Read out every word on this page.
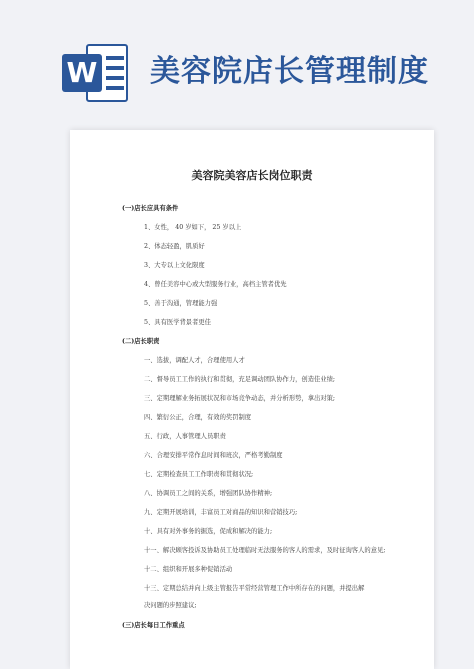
W 美容院店长管理制度
美容院美容店长岗位职责
(一)店长应具有条件
1、女性， 40 岁如下， 25 岁以上
2、体态轻盈，肌质好
3、大专以上文化限度
4、曾任美容中心或大型服务行业，高档主管者优先
5、善于沟通，管理能力强
5、具有医学背景者更佳
(二)店长职责
一、选拔，调配人才，合理使用人才
二、督导员工工作的执行和贯彻，充足调动团队协作力，创造佳业绩;
三、定期理解业务拓展状况和市场竞争动态，并分析形势，拿出对策;
四、繁衍公正，合理，有效的奖罚制度
五、行政，人事管理人员职责
六、合理安排平常作息时间和班次，严格考勤制度
七、定期检查员工工作职责和贯彻状况;
八、协调员工之间的关系，增强团队协作精神;
九、定期开展培训，丰富员工对商品的知识和营销技巧;
十、具有对外事务的掘选，促成和解决的能力;
十一、解决顾客投诉及协助员工处理临时无法服务的客人的需求，及时征询客人的意见;
十二、组织和开展多种促销活动
十三、定期总结并向上级主管报告平常经营管理工作中所存在的问题，并提出解
决问题的步照建议;
(三)店长每日工作重点
